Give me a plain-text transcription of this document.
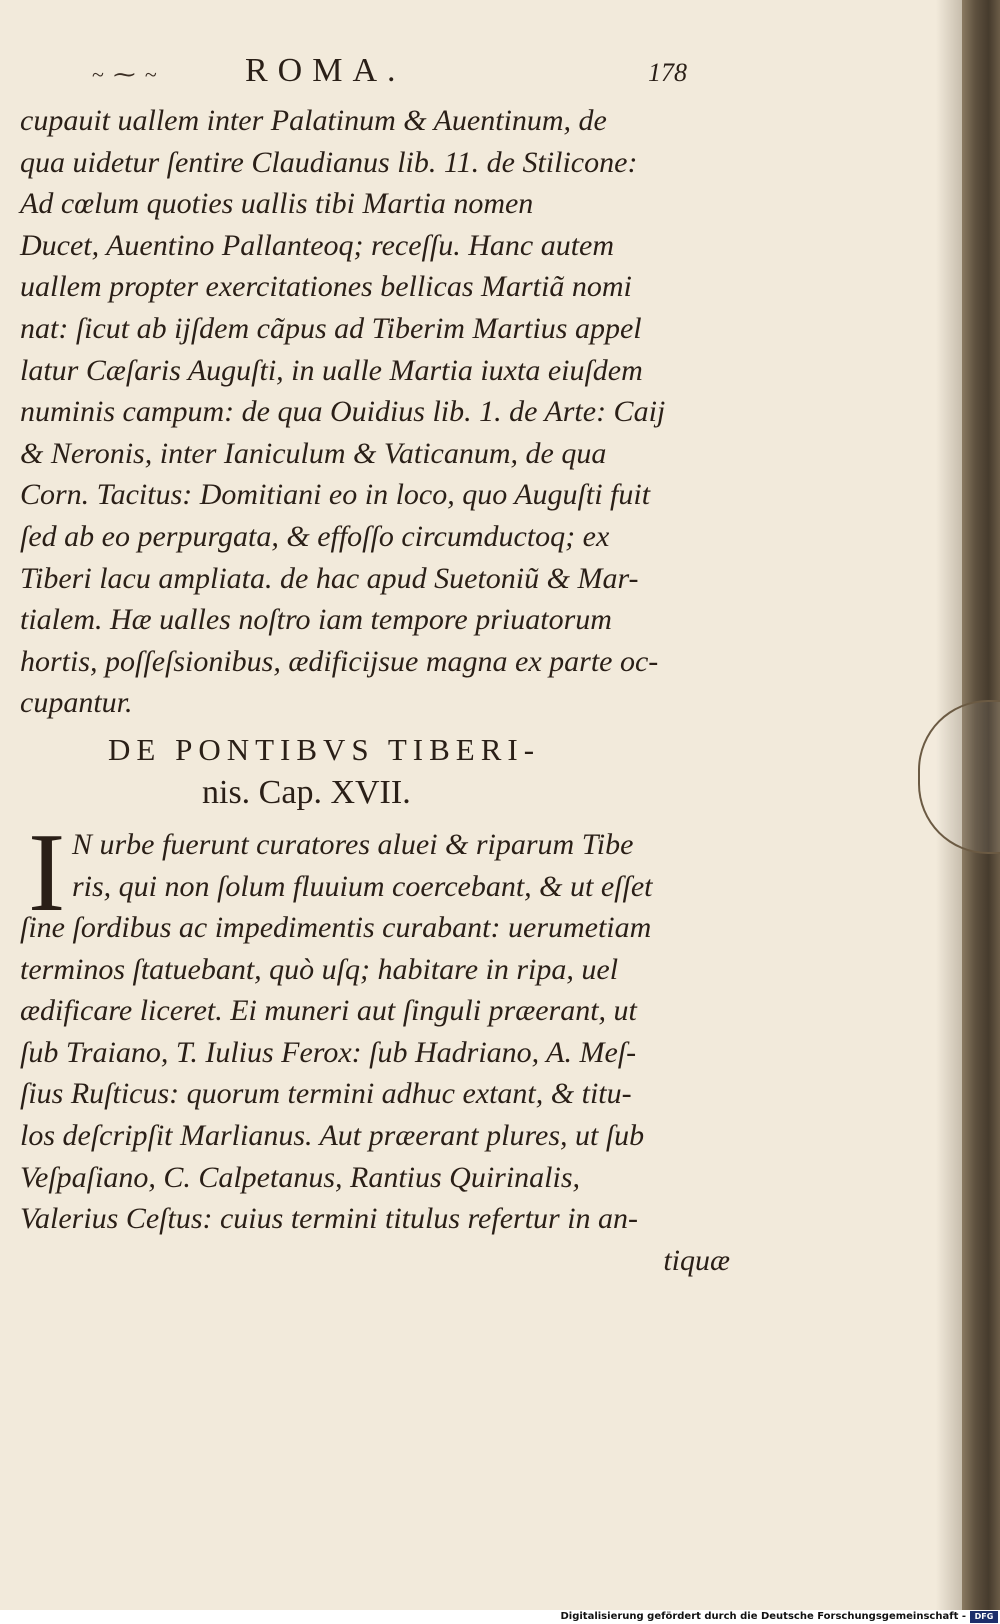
~ ⁓ ~	ROMA.	178

cupauit uallem inter Palatinum & Auentinum, de

qua uidetur ſentire Claudianus lib. 11. de Stilicone:

Ad cœlum quoties uallis tibi Martia nomen

Ducet, Auentino Pallanteoq; receſſu. Hanc autem

uallem propter exercitationes bellicas Martiã nomi

nat: ſicut ab ijſdem cãpus ad Tiberim Martius appel

latur Cæſaris Auguſti, in ualle Martia iuxta eiuſdem

numinis campum: de qua Ouidius lib. 1. de Arte: Caij

& Neronis, inter Ianiculum & Vaticanum, de qua

Corn. Tacitus: Domitiani eo in loco, quo Auguſti fuit

ſed ab eo perpurgata, & effoſſo circumductoq; ex

Tiberi lacu ampliata. de hac apud Suetoniũ & Mar-

tialem. Hæ ualles noſtro iam tempore priuatorum

hortis, poſſeſsionibus, ædificijsue magna ex parte oc-

cupantur.

DE PONTIBVS TIBERI-

nis. Cap. XVII.

I N urbe fuerunt curatores aluei & riparum Tibe

ris, qui non ſolum fluuium coercebant, & ut eſſet

ſine ſordibus ac impedimentis curabant: uerumetiam

terminos ſtatuebant, quò uſq; habitare in ripa, uel

ædificare liceret. Ei muneri aut ſinguli præerant, ut

ſub Traiano, T. Iulius Ferox: ſub Hadriano, A. Meſ-

ſius Ruſticus: quorum termini adhuc extant, & titu-

los deſcripſit Marlianus. Aut præerant plures, ut ſub

Veſpaſiano, C. Calpetanus, Rantius Quirinalis,

Valerius Ceſtus: cuius termini titulus refertur in an-

tiquæ

Digitalisierung gefördert durch die Deutsche Forschungsgemeinschaft -	DFG
